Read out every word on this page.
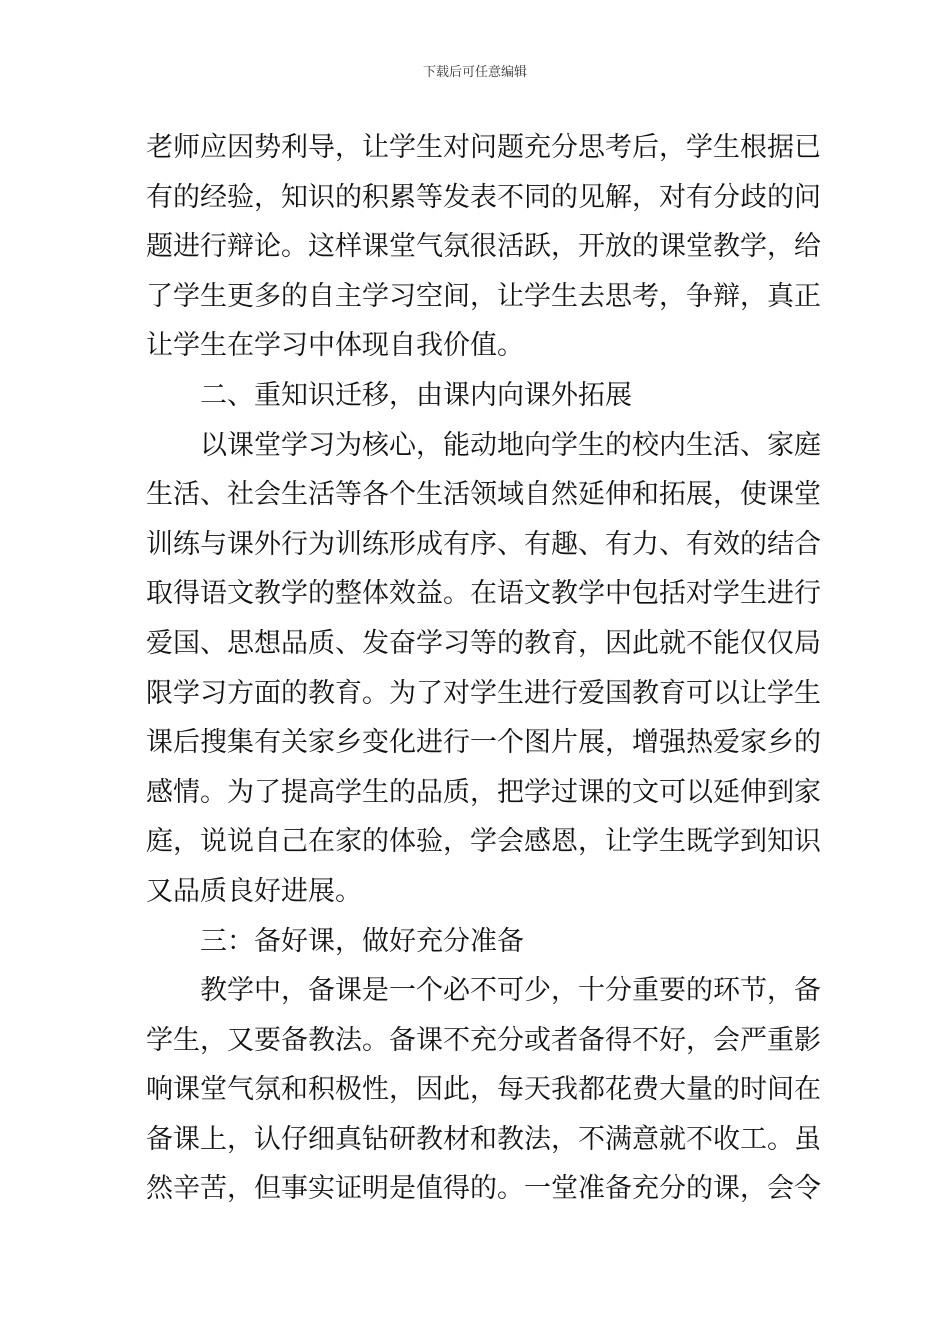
下载后可任意编辑
老师应因势利导，让学生对问题充分思考后，学生根据已
有的经验，知识的积累等发表不同的见解，对有分歧的问
题进行辩论。这样课堂气氛很活跃，开放的课堂教学，给
了学生更多的自主学习空间，让学生去思考，争辩，真正
让学生在学习中体现自我价值。
二、重知识迁移，由课内向课外拓展
以课堂学习为核心，能动地向学生的校内生活、家庭
生活、社会生活等各个生活领域自然延伸和拓展，使课堂
训练与课外行为训练形成有序、有趣、有力、有效的结合
取得语文教学的整体效益。在语文教学中包括对学生进行
爱国、思想品质、发奋学习等的教育，因此就不能仅仅局
限学习方面的教育。为了对学生进行爱国教育可以让学生
课后搜集有关家乡变化进行一个图片展，增强热爱家乡的
感情。为了提高学生的品质，把学过课的文可以延伸到家
庭，说说自己在家的体验，学会感恩，让学生既学到知识
又品质良好进展。
三：备好课，做好充分准备
教学中，备课是一个必不可少，十分重要的环节，备
学生，又要备教法。备课不充分或者备得不好，会严重影
响课堂气氛和积极性，因此，每天我都花费大量的时间在
备课上，认仔细真钻研教材和教法，不满意就不收工。虽
然辛苦，但事实证明是值得的。一堂准备充分的课，会令
